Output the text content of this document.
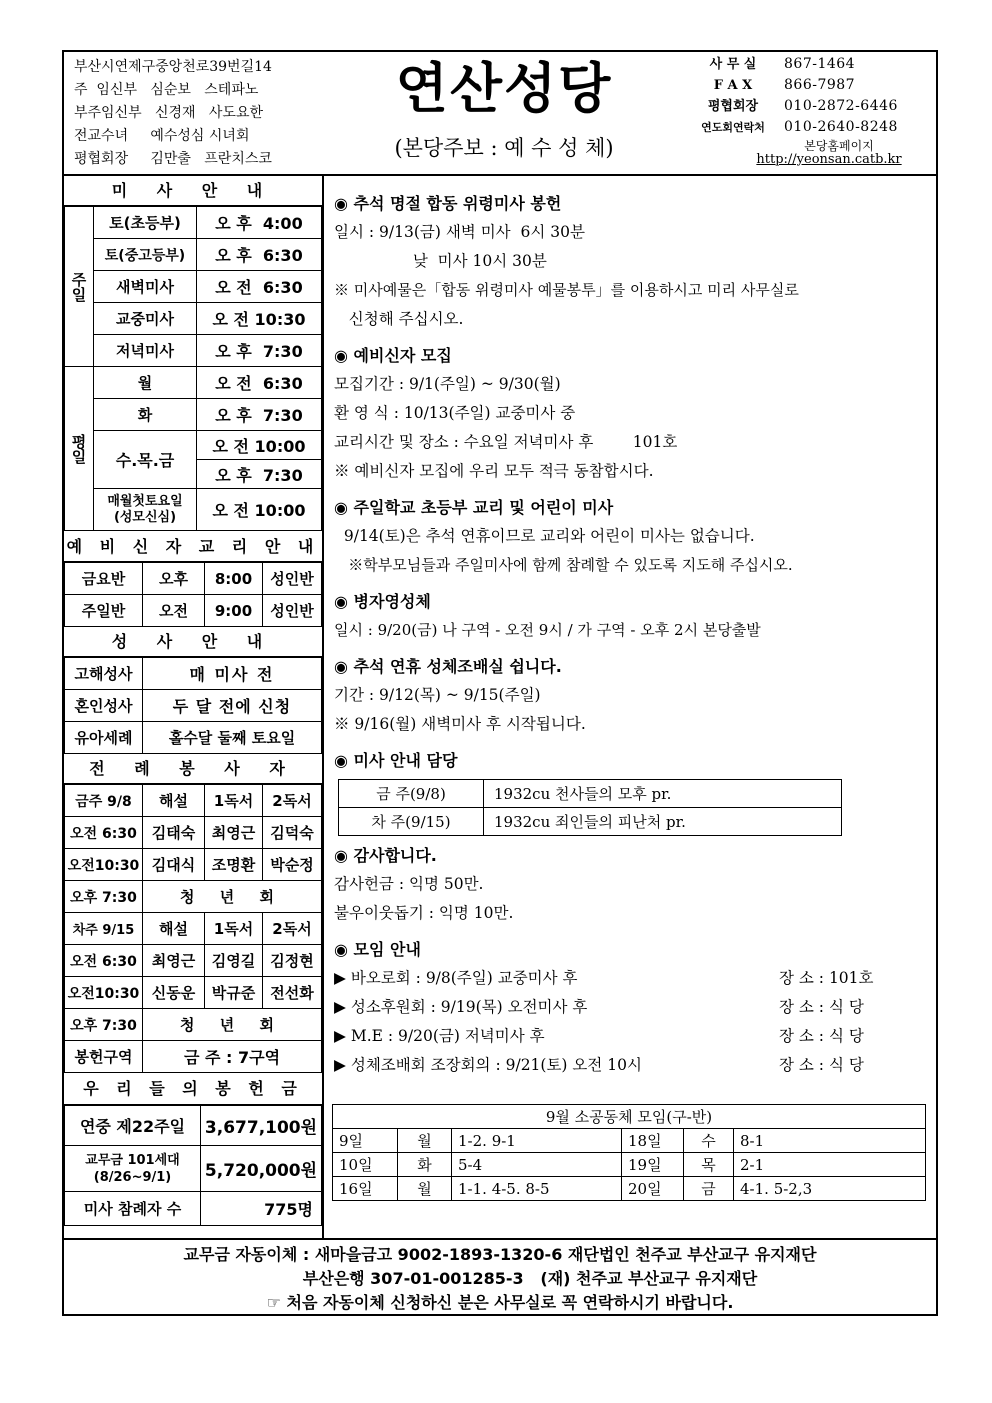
부산시연제구중앙천로39번길14
주  임신부   심순보   스테파노
부주임신부   신경재   사도요한
전교수녀     예수성심 시녀회
평협회장     김만출   프란치스코
연산성당
(본당주보 : 예 수 성 체)
사 무 실	867-1464
F A X	866-7987
평협회장	010-2872-6446
연도회연락처	010-2640-8248
본당홈페이지
http://yeonsan.catb.kr
미 사 안 내
주일	토(초등부)	오 후  4:00
	토(중고등부)	오 후  6:30
	새벽미사	오 전  6:30
	교중미사	오 전 10:30
	저녁미사	오 후  7:30
평일	월	오 전  6:30
	화	오 후  7:30
	수.목.금	오 전 10:00
		오 후  7:30
	매월첫토요일
(성모신심)	오 전 10:00
예 비 신 자 교 리 안 내
금요반	오후	8:00	성인반
주일반	오전	9:00	성인반
성 사 안 내
고해성사	매 미사 전
혼인성사	두 달 전에 신청
유아세례	홀수달 둘째 토요일
전 례 봉 사 자
금주 9/8	해설	1독서	2독서
오전 6:30	김태숙	최영근	김덕숙
오전10:30	김대식	조명환	박순정
오후 7:30	청 년 회		
차주 9/15	해설	1독서	2독서
오전 6:30	최영근	김영길	김정현
오전10:30	신동운	박규준	전선화
오후 7:30	청 년 회		
봉헌구역	금 주 : 7구역		
우 리 들 의 봉 헌 금
연중 제22주일	3,677,100원
교무금 101세대
(8/26~9/1)	5,720,000원
미사 참례자 수	775명
◉ 추석 명절 합동 위령미사 봉헌
일시 : 9/13(금) 새벽 미사  6시 30분
낮  미사 10시 30분
※ 미사예물은「합동 위령미사 예물봉투」를 이용하시고 미리 사무실로
신청해 주십시오.
◉ 예비신자 모집
모집기간 : 9/1(주일) ~ 9/30(월)
환 영 식 : 10/13(주일) 교중미사 중
교리시간 및 장소 : 수요일 저녁미사 후        101호
※ 예비신자 모집에 우리 모두 적극 동참합시다.
◉ 주일학교 초등부 교리 및 어린이 미사
9/14(토)은 추석 연휴이므로 교리와 어린이 미사는 없습니다.
※학부모님들과 주일미사에 함께 참례할 수 있도록 지도해 주십시오.
◉ 병자영성체
일시 : 9/20(금) 나 구역 - 오전 9시 / 가 구역 - 오후 2시 본당출발
◉ 추석 연휴 성체조배실 쉽니다.
기간 : 9/12(목) ~ 9/15(주일)
※ 9/16(월) 새벽미사 후 시작됩니다.
◉ 미사 안내 담당
금 주(9/8)	1932cu 천사들의 모후 pr.
차 주(9/15)	1932cu 죄인들의 피난처 pr.
◉ 감사합니다.
감사헌금 : 익명 50만.
불우이웃돕기 : 익명 10만.
◉ 모임 안내
▶ 바오로회 : 9/8(주일) 교중미사 후	장 소 : 101호
▶ 성소후원회 : 9/19(목) 오전미사 후	장 소 : 식 당
▶ M.E : 9/20(금) 저녁미사 후	장 소 : 식 당
▶ 성체조배회 조장회의 : 9/21(토) 오전 10시	장 소 : 식 당
9월 소공동체 모임(구-반)					
9일	월	1-2. 9-1	18일	수	8-1
10일	화	5-4	19일	목	2-1
16일	월	1-1. 4-5. 8-5	20일	금	4-1. 5-2,3
교무금 자동이체 : 새마을금고 9002-1893-1320-6 재단법인 천주교 부산교구 유지재단
부산은행 307-01-001285-3   (재) 천주교 부산교구 유지재단
☞ 처음 자동이체 신청하신 분은 사무실로 꼭 연락하시기 바랍니다.
